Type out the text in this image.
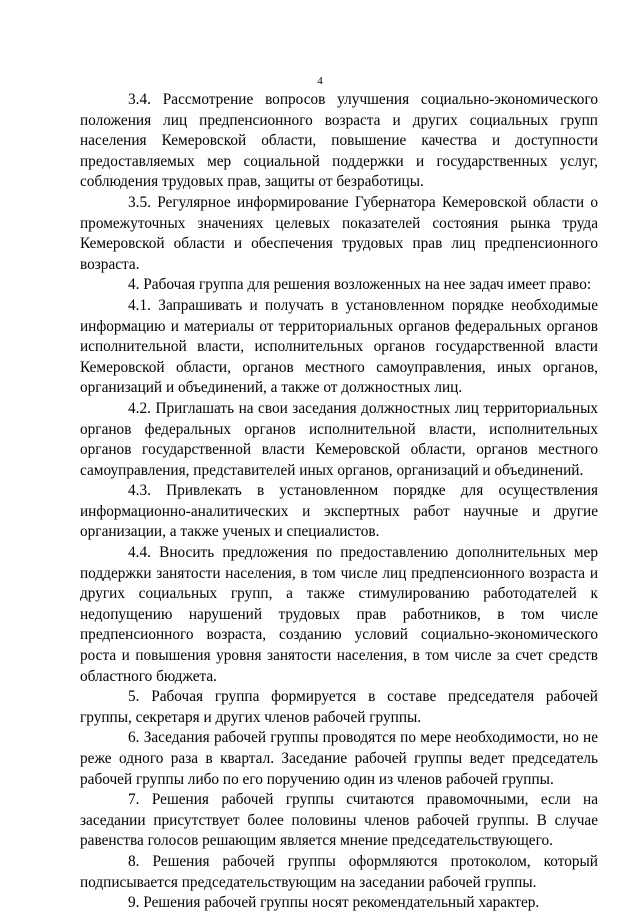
4

3.4. Рассмотрение вопросов улучшения социально-экономического положения лиц предпенсионного возраста и других социальных групп населения Кемеровской области, повышение качества и доступности предоставляемых мер социальной поддержки и государственных услуг, соблюдения трудовых прав, защиты от безработицы.

3.5. Регулярное информирование Губернатора Кемеровской области о промежуточных значениях целевых показателей состояния рынка труда Кемеровской области и обеспечения трудовых прав лиц предпенсионного возраста.

4. Рабочая группа для решения возложенных на нее задач имеет право:

4.1. Запрашивать и получать в установленном порядке необходимые информацию и материалы от территориальных органов федеральных органов исполнительной власти, исполнительных органов государственной власти Кемеровской области, органов местного самоуправления, иных органов, организаций и объединений, а также от должностных лиц.

4.2. Приглашать на свои заседания должностных лиц территориальных органов федеральных органов исполнительной власти, исполнительных органов государственной власти Кемеровской области, органов местного самоуправления, представителей иных органов, организаций и объединений.

4.3. Привлекать в установленном порядке для осуществления информационно-аналитических и экспертных работ научные и другие организации, а также ученых и специалистов.

4.4. Вносить предложения по предоставлению дополнительных мер поддержки занятости населения, в том числе лиц предпенсионного возраста и других социальных групп, а также стимулированию работодателей к недопущению нарушений трудовых прав работников, в том числе предпенсионного возраста, созданию условий социально-экономического роста и повышения уровня занятости населения, в том числе за счет средств областного бюджета.

5. Рабочая группа формируется в составе председателя рабочей группы, секретаря и других членов рабочей группы.

6. Заседания рабочей группы проводятся по мере необходимости, но не реже одного раза в квартал. Заседание рабочей группы ведет председатель рабочей группы либо по его поручению один из членов рабочей группы.

7. Решения рабочей группы считаются правомочными, если на заседании присутствует более половины членов рабочей группы. В случае равенства голосов решающим является мнение председательствующего.

8. Решения рабочей группы оформляются протоколом, который подписывается председательствующим на заседании рабочей группы.

9. Решения рабочей группы носят рекомендательный характер.
